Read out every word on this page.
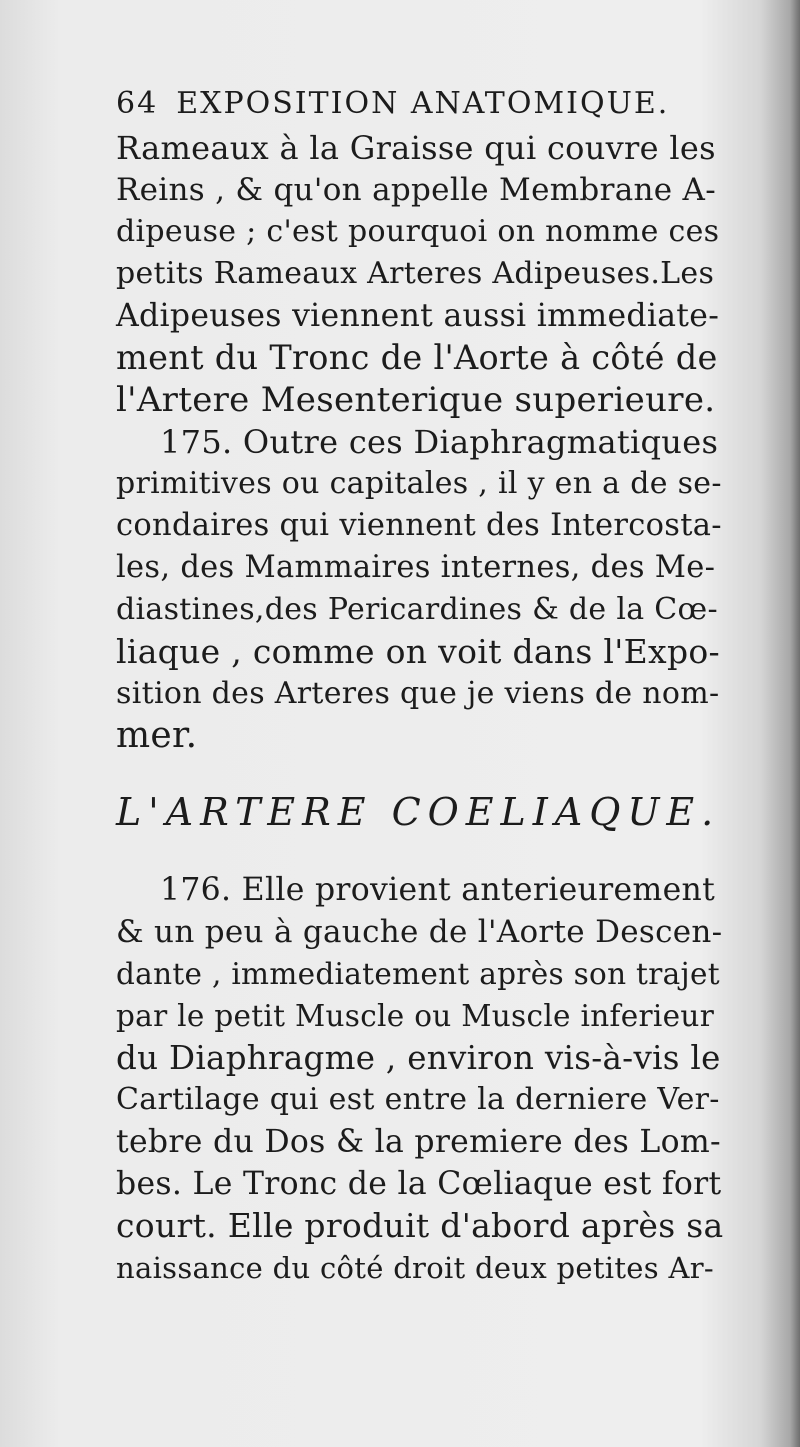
64 EXPOSITION ANATOMIQUE.
Rameaux à la Graisse qui couvre les
Reins , & qu'on appelle Membrane A-
dipeuse ; c'est pourquoi on nomme ces
petits Rameaux Arteres Adipeuses.Les
Adipeuses viennent aussi immediate-
ment du Tronc de l'Aorte à côté de
l'Artere Mesenterique superieure.
175. Outre ces Diaphragmatiques
primitives ou capitales , il y en a de se-
condaires qui viennent des Intercosta-
les, des Mammaires internes, des Me-
diastines,des Pericardines & de la Cœ-
liaque , comme on voit dans l'Expo-
sition des Arteres que je viens de nom-
mer.
L'ARTERE COELIAQUE.
176. Elle provient anterieurement
& un peu à gauche de l'Aorte Descen-
dante , immediatement après son trajet
par le petit Muscle ou Muscle inferieur
du Diaphragme , environ vis-à-vis le
Cartilage qui est entre la derniere Ver-
tebre du Dos & la premiere des Lom-
bes. Le Tronc de la Cœliaque est fort
court. Elle produit d'abord après sa
naissance du côté droit deux petites Ar-
